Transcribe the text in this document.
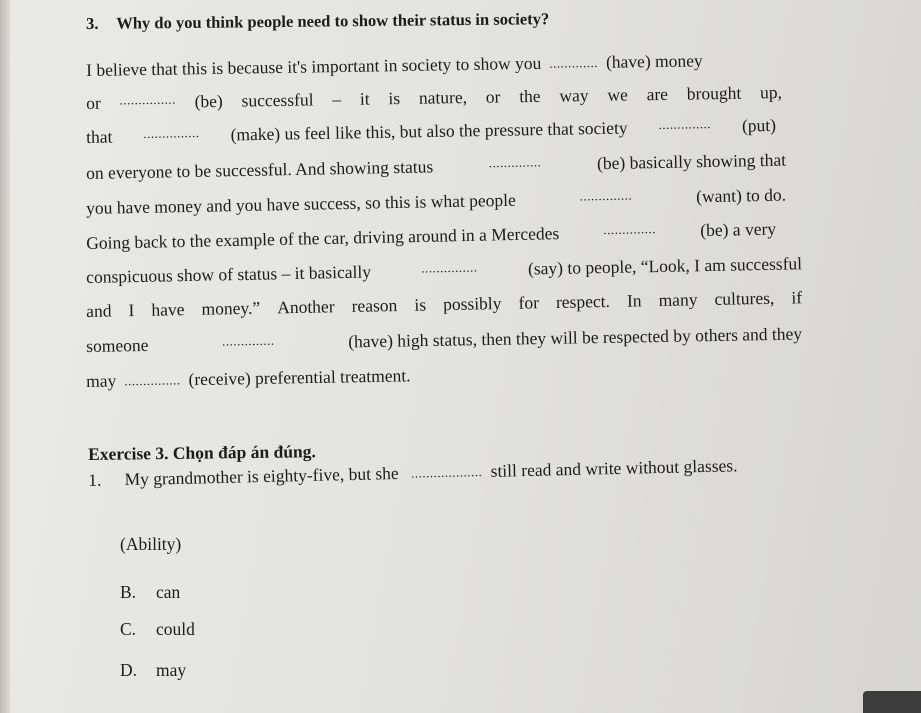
3. Why do you think people need to show their status in society?
I believe that this is because it's important in society to show you ............. (have) money
or ............... (be) successful – it is nature, or the way we are brought up,
that ............... (make) us feel like this, but also the pressure that society .............. (put)
on everyone to be successful. And showing status	..............	(be) basically showing that
you have money and you have success, so this is what people	..............	(want) to do.
Going back to the example of the car, driving around in a Mercedes	..............	(be) a very
conspicuous show of status – it basically	...............	(say) to people, “Look, I am successful
and I have money.” Another reason is possibly for respect. In many cultures, if
someone	..............	(have) high status, then they will be respected by others and they
may ............... (receive) preferential treatment.
Exercise 3. Chọn đáp án đúng.
1. My grandmother is eighty-five, but she ................... still read and write without glasses.
(Ability)
B. can
C. could
D. may
